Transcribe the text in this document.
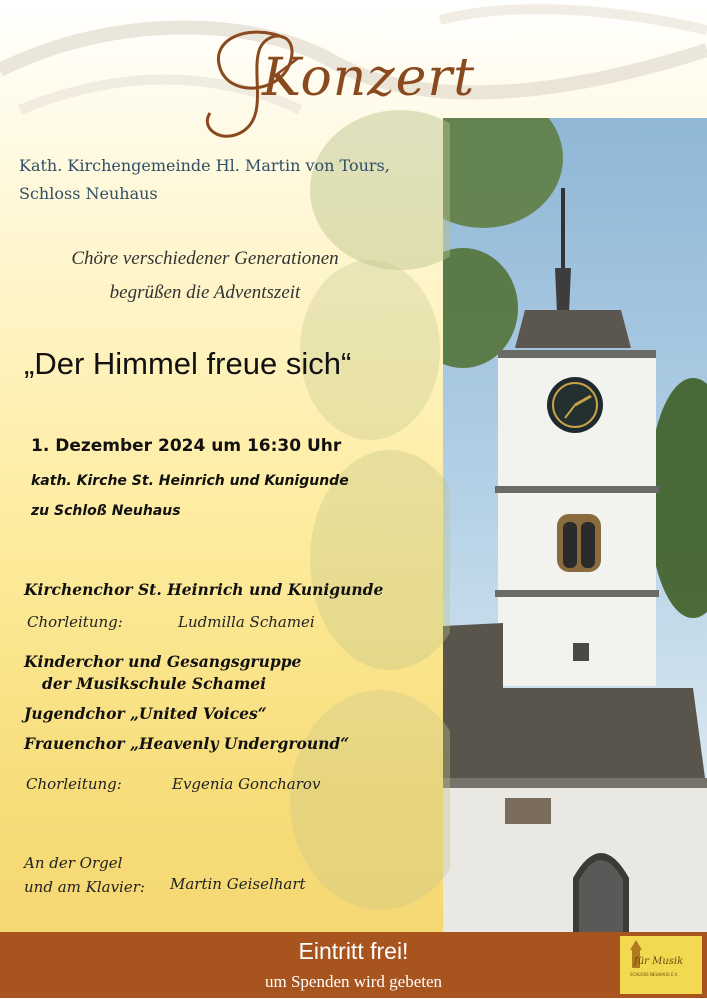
Konzert
Kath. Kirchengemeinde Hl. Martin von Tours,
Schloss Neuhaus
Chöre verschiedener Generationen
begrüßen die Adventszeit
„Der Himmel freue sich“
1. Dezember 2024 um 16:30 Uhr
kath. Kirche St. Heinrich und Kunigunde
zu Schloß Neuhaus
Kirchenchor St. Heinrich und Kunigunde
Chorleitung:	Ludmilla Schamei
Kinderchor und Gesangsgruppe
der Musikschule Schamei
Jugendchor „United Voices“
Frauenchor „Heavenly Underground“
Chorleitung:	Evgenia Goncharov
An der Orgel
und am Klavier: Martin Geiselhart
Eintritt frei!
um Spenden wird gebeten
für Musik
SCHLOSS NEUHAUS E.V.
